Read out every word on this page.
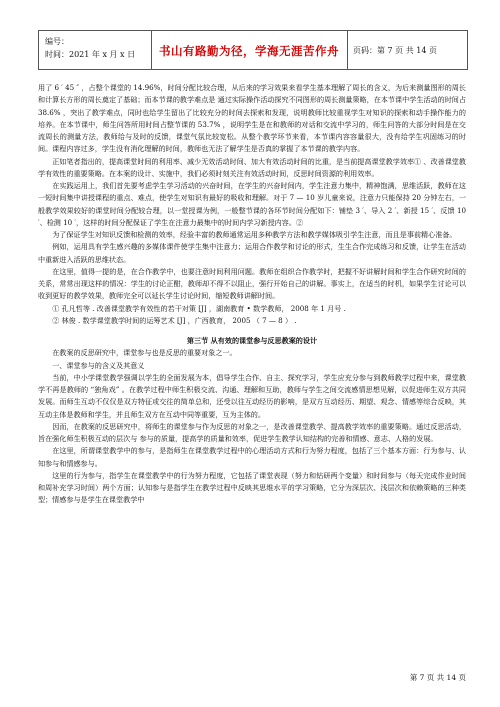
编号：
时间：2021 年 x 月 x 日	书山有路勤为径，学海无涯苦作舟	页码：第 7 页 共 14 页

用了 6 ′ 45 ″ ，占整个课堂的 14.96%，时间分配比较合理，从后来的学习效果来看学生基本理解了周长的含义，为后来测量图形的周长和计算长方形的周长奠定了基础；而本节课的教学难点是 通过实际操作活动探究不同图形的周长测量策略，在本节课中学生活动的时间占 38.6% ，突出了教学难点，同时也给学生留出了比较充分的时间去探索和发现，说明教师比较重视学生对知识的探索和动手操作能力的培养。在本节课中，师生问答所用时间占整节课的 53.7% ，说明学生是在和教师的对话和交流中学习的，师生问答的大部分时间是在交流周长的测量方法，教师给与及时的反馈，课堂气氛比较宽松。从整个教学环节来看，本节课内容容量很大，没有给学生巩固练习的时间。课程内容过多，学生没有消化理解的时间，教师也无法了解学生是否真的掌握了本节课的教学内容。

正如笔者指出的，提高课堂时间的利用率、减少无效活动时间、加大有效活动时间的比重，是当前提高课堂教学效率① 、改善课堂教学有效性的重要策略。在本案的设计、实施中，我们必须时刻关注有效活动时间，反思时间资源的利用效率。

在实践运用上，我们首先要考虑学生学习活动的兴奋时间，在学生的兴奋时间内，学生注意力集中，精神饱满，思维活跃，教师在这一短时间集中讲授课程的重点、难点，使学生对知识有最好的吸收和理解。对于 7 — 10 岁儿童来说，注意力只能保持 20 分钟左右，一般教学效果较好的课堂时间分配较合理，以一堂授课为例，一般整节课的各环节时间分配如下：铺垫 3 ′、导入 2 ′、新授 15 ′、反馈 10 ′、检测 10 ′，这样的时间分配保证了学生在注意力最集中的时间内学习新授内容。②

为了保证学生对知识反馈和检测的效率，经验丰富的教师通常运用多种教学方法和教学媒体吸引学生注意，而且是事前精心准备。

例如，运用具有学生感兴趣的多媒体课件使学生集中注意力；运用合作教学和讨论的形式，生生合作完成练习和反馈，让学生在活动中重新进入活跃的思维状态。

在这里，值得一提的是，在合作教学中，也要注意时间利用问题。教师在组织合作教学时，把握不好讲解时间和学生合作研究时间的关系，常常出现这样的情况：学生的讨论正酣，教师却不得不以阻止，强行开始自己的讲解。事实上，在适当的时机，如果学生讨论可以收到更好的教学效果，教师完全可以延长学生讨论时间，缩短教师讲解时间。

① 孔凡哲等 . 改善课堂教学有效性的若干对策 [J] ，湖南教育 • 数学教师， 2008 年 1 月号 .

② 林俊 . 数学课堂教学时间的运筹艺术 [J] ，广西教育， 2005 （ 7 — 8 ） .

第三节 从有效的课堂参与反思教案的设计

在教案的反思研究中，课堂参与也是反思的重要对象之一。

一、课堂参与的含义及其意义

当前，中小学课堂教学强调以学生的全面发展为本，倡导学生合作、自主、探究学习，学生应充分参与到教师教学过程中来，课堂教学不再是教师的 “独角戏” 。在教学过程中师生积极交流、沟通、理解和互助，教师与学生之间交流感情思想见解，以促进师生双方共同发展。而师生互动不仅仅是双方特征或交往的简单总和，还受以往互动经历的影响，是双方互动经历、期望、观念、情感等综合反映，其互动主体是教师和学生，并且师生双方在互动中同等重要，互为主体的。

因而，在教案的反思研究中，将师生的课堂参与作为反思的对象之一，是改善课堂教学、提高教学效率的重要策略。通过反思活动，旨在强化师生积极互动的层次与 参与的质量，提高学的质量和效率，促进学生教学认知结构的完善和情感、意志、人格的发展。

在这里，所谓课堂教学中的参与，是指师生在课堂教学过程中的心理活动方式和行为努力程度，包括了三个基本方面：行为参与、认知参与和情感参与。

这里的行为参与，指学生在课堂教学中的行为努力程度，它包括了课堂表现（努力和钻研两个变量）和时间参与（每天完成作业时间和周补充学习时间）两个方面；认知参与是指学生在教学过程中反映其思维水平的学习策略，它分为深层次、浅层次和依赖策略的三种类型；情感参与是学生在课堂教学中

第 7 页 共 14 页
